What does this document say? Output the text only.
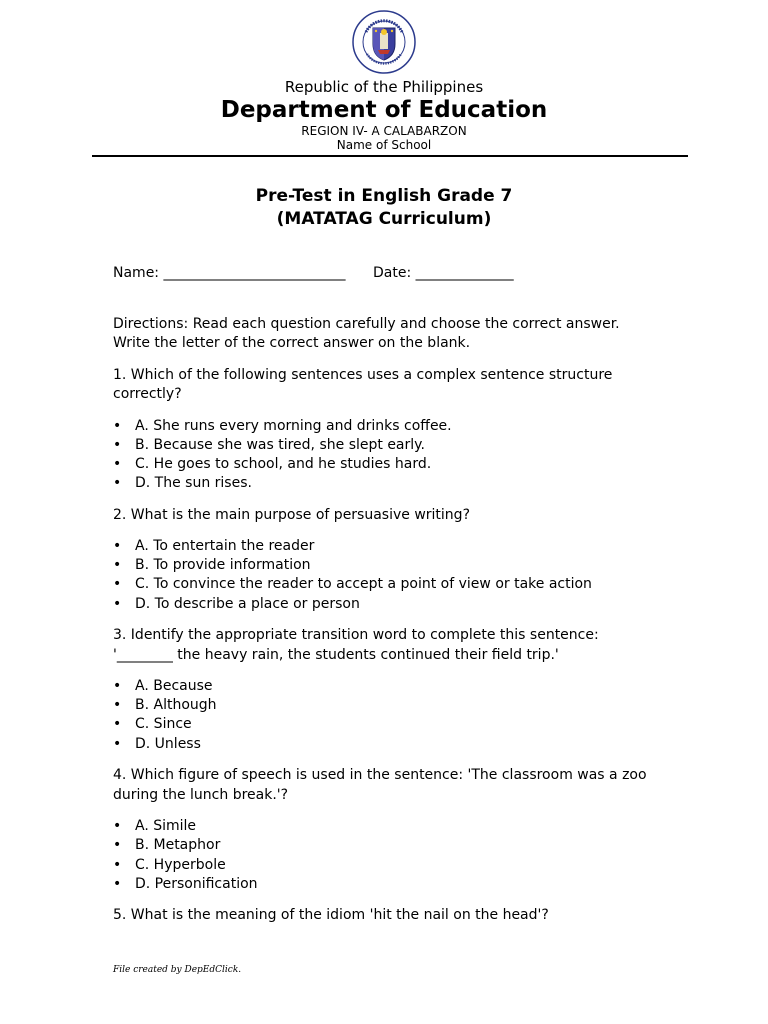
Republic of the Philippines
Department of Education
REGION IV- A CALABARZON
Name of School
Pre-Test in English Grade 7
(MATATAG Curriculum)
Name: __________________________ Date: ______________
Directions: Read each question carefully and choose the correct answer.
Write the letter of the correct answer on the blank.
1. Which of the following sentences uses a complex sentence structure
correctly?
• A. She runs every morning and drinks coffee.
• B. Because she was tired, she slept early.
• C. He goes to school, and he studies hard.
• D. The sun rises.
2. What is the main purpose of persuasive writing?
• A. To entertain the reader
• B. To provide information
• C. To convince the reader to accept a point of view or take action
• D. To describe a place or person
3. Identify the appropriate transition word to complete this sentence:
'________ the heavy rain, the students continued their field trip.'
• A. Because
• B. Although
• C. Since
• D. Unless
4. Which figure of speech is used in the sentence: 'The classroom was a zoo
during the lunch break.'?
• A. Simile
• B. Metaphor
• C. Hyperbole
• D. Personification
5. What is the meaning of the idiom 'hit the nail on the head'?
File created by DepEdClick.
